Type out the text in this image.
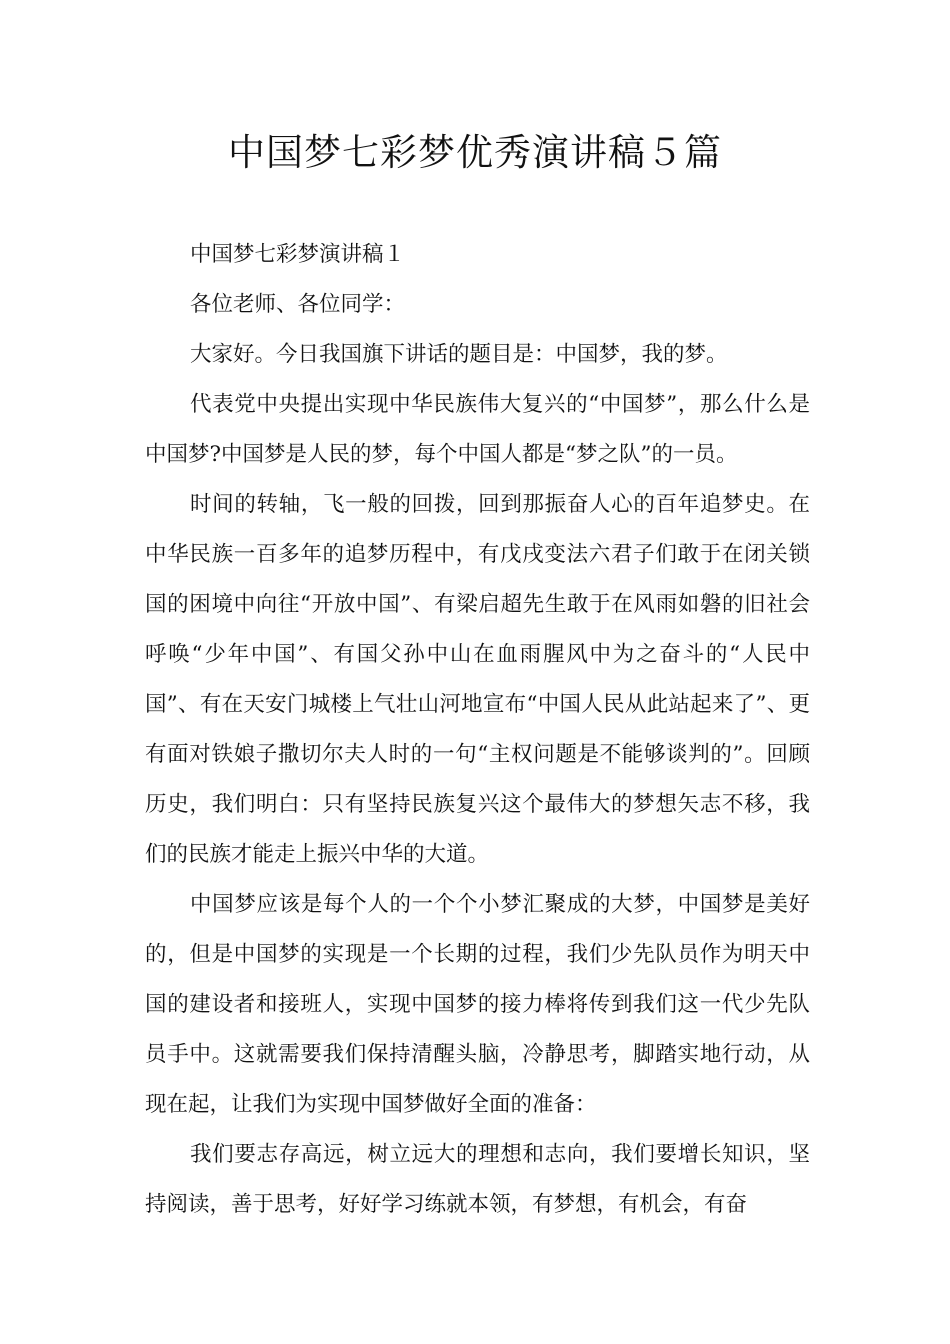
中国梦七彩梦优秀演讲稿５篇

中国梦七彩梦演讲稿１

各位老师、各位同学：

大家好。今日我国旗下讲话的题目是：中国梦，我的梦。

代表党中央提出实现中华民族伟大复兴的“中国梦”，那么什么是中国梦?中国梦是人民的梦，每个中国人都是“梦之队”的一员。

时间的转轴，飞一般的回拨，回到那振奋人心的百年追梦史。在中华民族一百多年的追梦历程中，有戊戌变法六君子们敢于在闭关锁国的困境中向往“开放中国”、有梁启超先生敢于在风雨如磐的旧社会呼唤“少年中国”、有国父孙中山在血雨腥风中为之奋斗的“人民中国”、有在天安门城楼上气壮山河地宣布“中国人民从此站起来了”、更有面对铁娘子撒切尔夫人时的一句“主权问题是不能够谈判的”。回顾历史，我们明白：只有坚持民族复兴这个最伟大的梦想矢志不移，我们的民族才能走上振兴中华的大道。

中国梦应该是每个人的一个个小梦汇聚成的大梦，中国梦是美好的，但是中国梦的实现是一个长期的过程，我们少先队员作为明天中国的建设者和接班人，实现中国梦的接力棒将传到我们这一代少先队员手中。这就需要我们保持清醒头脑，冷静思考，脚踏实地行动，从现在起，让我们为实现中国梦做好全面的准备：

我们要志存高远，树立远大的理想和志向，我们要增长知识，坚持阅读，善于思考，好好学习练就本领，有梦想，有机会，有奋
